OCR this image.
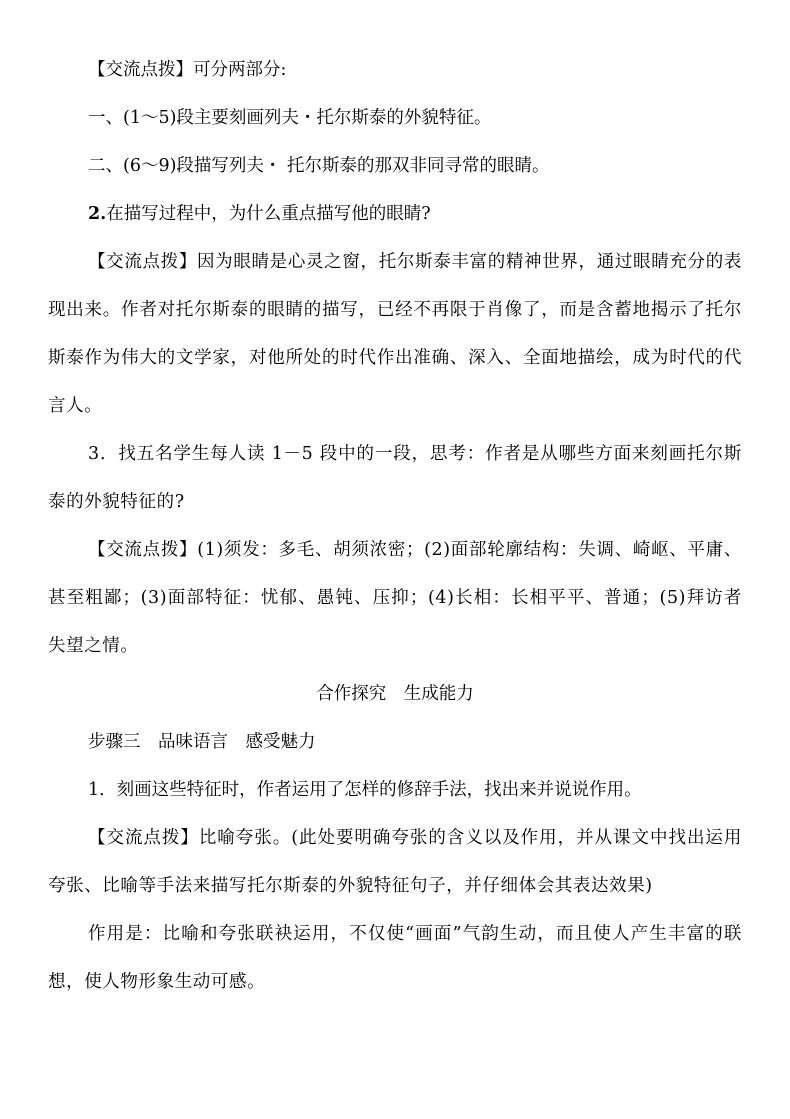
【交流点拨】可分两部分:
一、(1～5)段主要刻画列夫・托尔斯泰的外貌特征。
二、(6～9)段描写列夫・ 托尔斯泰的那双非同寻常的眼睛。
2.在描写过程中，为什么重点描写他的眼睛?

【交流点拨】因为眼睛是心灵之窗，托尔斯泰丰富的精神世界，通过眼睛充分的表现出来。作者对托尔斯泰的眼睛的描写，已经不再限于肖像了，而是含蓄地揭示了托尔斯泰作为伟大的文学家，对他所处的时代作出准确、深入、全面地描绘，成为时代的代言人。

3．找五名学生每人读 1－5 段中的一段，思考：作者是从哪些方面来刻画托尔斯泰的外貌特征的?

【交流点拨】(1)须发：多毛、胡须浓密；(2)面部轮廓结构：失调、崎岖、平庸、甚至粗鄙；(3)面部特征：忧郁、愚钝、压抑；(4)长相：长相平平、普通；(5)拜访者失望之情。

合作探究　生成能力
步骤三　品味语言　感受魅力
1．刻画这些特征时，作者运用了怎样的修辞手法，找出来并说说作用。

【交流点拨】比喻夸张。(此处要明确夸张的含义以及作用，并从课文中找出运用夸张、比喻等手法来描写托尔斯泰的外貌特征句子，并仔细体会其表达效果)

作用是：比喻和夸张联袂运用，不仅使“画面”气韵生动，而且使人产生丰富的联想，使人物形象生动可感。
